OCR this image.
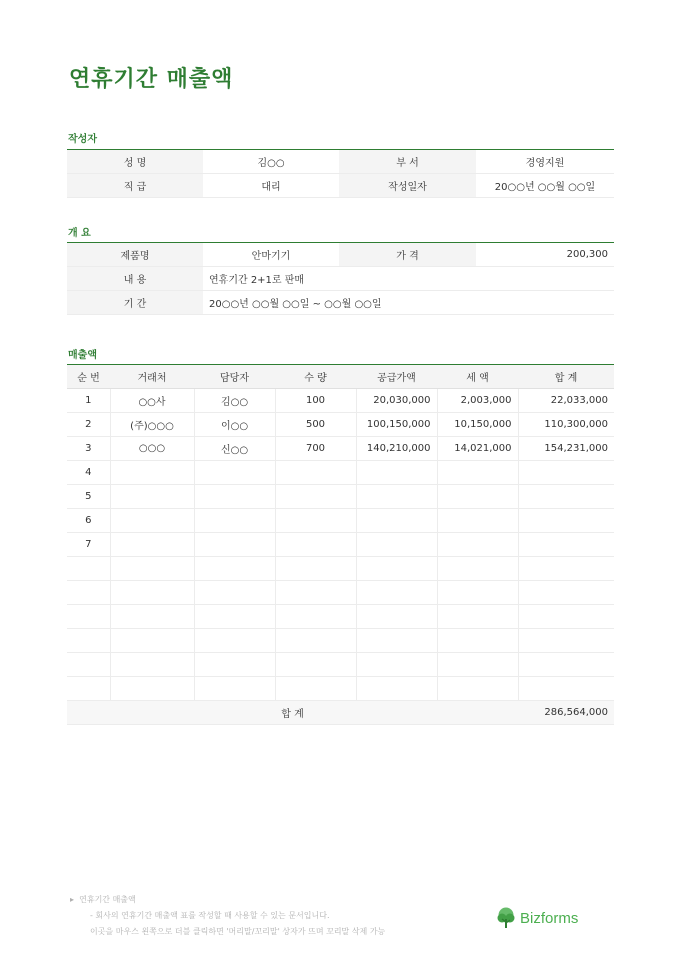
연휴기간 매출액
작성자
성 명	김○○	부 서	경영지원
직 급	대리	작성일자	20○○년 ○○월 ○○일
개 요
제품명	안마기기	가 격	200,300
내 용	연휴기간 2+1로 판매		
기 간	20○○년 ○○월 ○○일 ~ ○○월 ○○일		
매출액
순 번	거래처	담당자	수 량	공급가액	세 액	합 계
1	○○사	김○○	100	20,030,000	2,003,000	22,033,000
2	(주)○○○	이○○	500	100,150,000	10,150,000	110,300,000
3	○○○	신○○	700	140,210,000	14,021,000	154,231,000
4						
5						
6						
7						

합 계						286,564,000
▸ 연휴기간 매출액
- 회사의 연휴기간 매출액 표를 작성할 때 사용할 수 있는 문서입니다.
이곳을 마우스 왼쪽으로 더블 클릭하면 '머리말/꼬리말' 상자가 뜨며 꼬리말 삭제 가능
Bizforms
